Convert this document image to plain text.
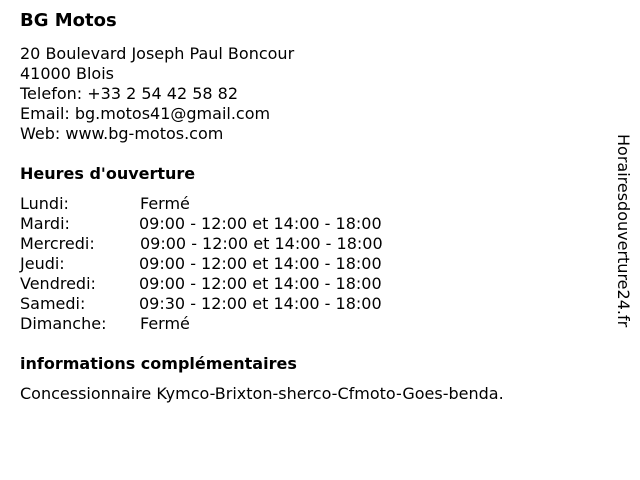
BG Motos
20 Boulevard Joseph Paul Boncour
41000 Blois
Telefon: +33 2 54 42 58 82
Email: bg.motos41@gmail.com
Web: www.bg-motos.com
Heures d'ouverture
Lundi:	Fermé
Mardi:	09:00 - 12:00 et 14:00 - 18:00
Mercredi:	09:00 - 12:00 et 14:00 - 18:00
Jeudi:	09:00 - 12:00 et 14:00 - 18:00
Vendredi:	09:00 - 12:00 et 14:00 - 18:00
Samedi:	09:30 - 12:00 et 14:00 - 18:00
Dimanche: Fermé
informations complémentaires
Concessionnaire Kymco-Brixton-sherco-Cfmoto-Goes-benda.
Horairesdouverture24.fr
